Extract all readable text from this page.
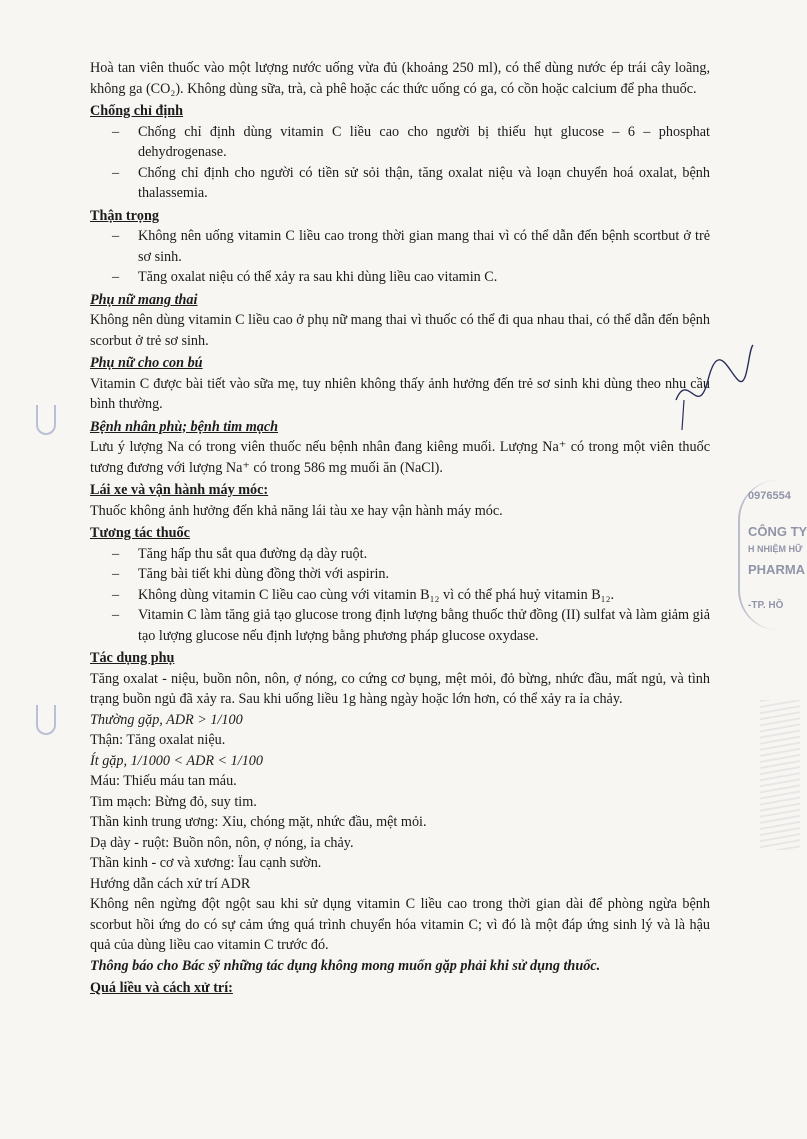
Hoà tan viên thuốc vào một lượng nước uống vừa đủ (khoảng 250 ml), có thể dùng nước ép trái cây loãng, không ga (CO₂). Không dùng sữa, trà, cà phê hoặc các thức uống có ga, có cồn hoặc calcium để pha thuốc.

Chống chỉ định

– Chống chỉ định dùng vitamin C liều cao cho người bị thiếu hụt glucose – 6 – phosphat dehydrogenase.
– Chống chỉ định cho người có tiền sử sỏi thận, tăng oxalat niệu và loạn chuyển hoá oxalat, bệnh thalassemia.

Thận trọng

– Không nên uống vitamin C liều cao trong thời gian mang thai vì có thể dẫn đến bệnh scortbut ở trẻ sơ sinh.
– Tăng oxalat niệu có thể xảy ra sau khi dùng liều cao vitamin C.

Phụ nữ mang thai

Không nên dùng vitamin C liều cao ở phụ nữ mang thai vì thuốc có thể đi qua nhau thai, có thể dẫn đến bệnh scorbut ở trẻ sơ sinh.

Phụ nữ cho con bú

Vitamin C được bài tiết vào sữa mẹ, tuy nhiên không thấy ảnh hưởng đến trẻ sơ sinh khi dùng theo nhu cầu bình thường.

Bệnh nhân phù; bệnh tim mạch

Lưu ý lượng Na có trong viên thuốc nếu bệnh nhân đang kiêng muối. Lượng Na⁺ có trong một viên thuốc tương đương với lượng Na⁺ có trong 586 mg muối ăn (NaCl).

Lái xe và vận hành máy móc:

Thuốc không ảnh hưởng đến khả năng lái tàu xe hay vận hành máy móc.

Tương tác thuốc

– Tăng hấp thu sắt qua đường dạ dày ruột.
– Tăng bài tiết khi dùng đồng thời với aspirin.
– Không dùng vitamin C liều cao cùng với vitamin B₁₂ vì có thể phá huỷ vitamin B₁₂.
– Vitamin C làm tăng giả tạo glucose trong định lượng bằng thuốc thử đồng (II) sulfat và làm giảm giả tạo lượng glucose nếu định lượng bằng phương pháp glucose oxydase.

Tác dụng phụ

Tăng oxalat - niệu, buồn nôn, nôn, ợ nóng, co cứng cơ bụng, mệt mỏi, đỏ bừng, nhức đầu, mất ngủ, và tình trạng buồn ngủ đã xảy ra. Sau khi uống liều 1g hàng ngày hoặc lớn hơn, có thể xảy ra ỉa chảy.

Thường gặp, ADR > 1/100

Thận: Tăng oxalat niệu.

Ít gặp, 1/1000 < ADR < 1/100

Máu: Thiếu máu tan máu.

Tim mạch: Bừng đỏ, suy tim.

Thần kinh trung ương: Xỉu, chóng mặt, nhức đầu, mệt mỏi.

Dạ dày - ruột: Buồn nôn, nôn, ợ nóng, ỉa chảy.

Thần kinh - cơ và xương: Ïau cạnh sườn.

Hướng dẫn cách xử trí ADR

Không nên ngừng đột ngột sau khi sử dụng vitamin C liều cao trong thời gian dài để phòng ngừa bệnh scorbut hồi ứng do có sự cảm ứng quá trình chuyển hóa vitamin C; vì đó là một đáp ứng sinh lý và là hậu quả của dùng liều cao vitamin C trước đó.

Thông báo cho Bác sỹ những tác dụng không mong muốn gặp phải khi sử dụng thuốc.

Quá liều và cách xử trí:

0976554
CÔNG TY
H NHIỆM HỮ
PHARMA
-TP. HỒ
